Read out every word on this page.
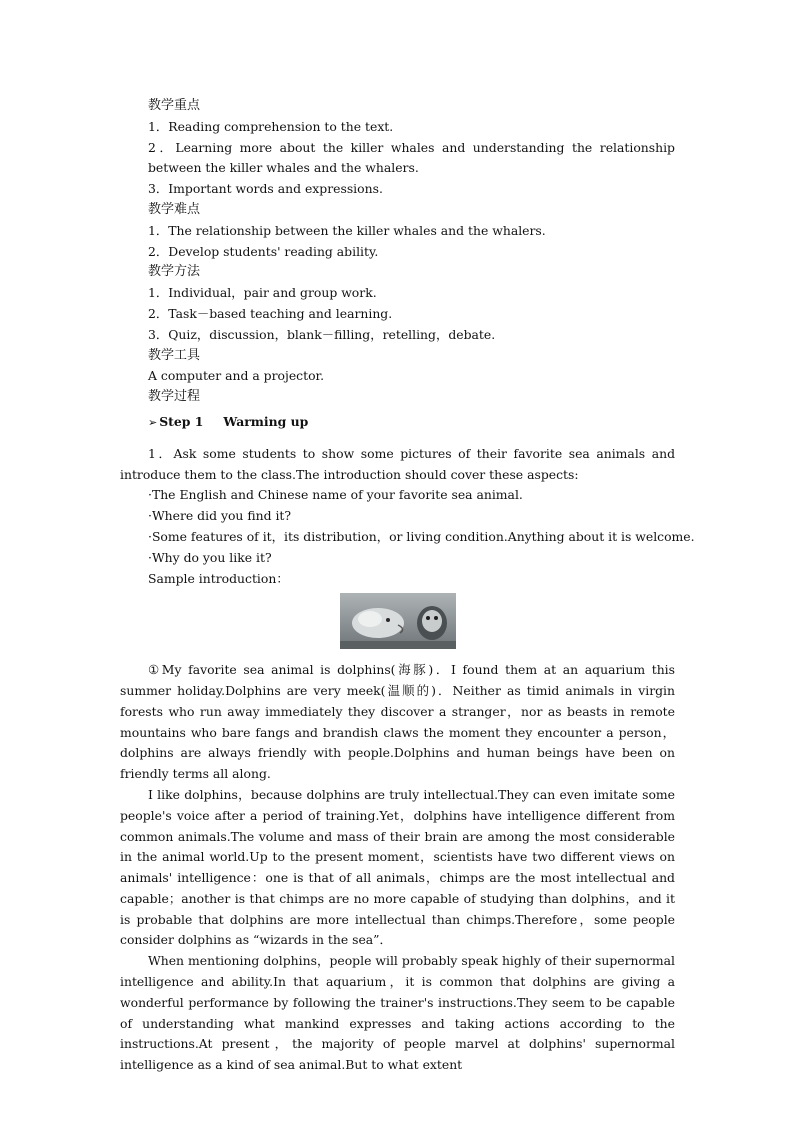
教学重点
1．Reading comprehension to the text.

2．Learning more about the killer whales and understanding the relationship between the killer whales and the whalers.

3．Important words and expressions.
教学难点
1．The relationship between the killer whales and the whalers.
2．Develop students' reading ability.
教学方法
1．Individual，pair and group work.
2．Task－based teaching and learning.
3．Quiz，discussion，blank－filling，retelling，debate.
教学工具
A computer and a projector.
教学过程
➢ Step 1 Warming up

1．Ask some students to show some pictures of their favorite sea animals and introduce them to the class.The introduction should cover these aspects:

·The English and Chinese name of your favorite sea animal.
·Where did you find it?
·Some features of it，its distribution，or living condition.Anything about it is welcome.
·Why do you like it?
Sample introduction：

①My favorite sea animal is dolphins(海豚)．I found them at an aquarium this summer holiday.Dolphins are very meek(温顺的)．Neither as timid animals in virgin forests who run away immediately they discover a stranger，nor as beasts in remote mountains who bare fangs and brandish claws the moment they encounter a person，dolphins are always friendly with people.Dolphins and human beings have been on friendly terms all along.

I like dolphins，because dolphins are truly intellectual.They can even imitate some people's voice after a period of training.Yet，dolphins have intelligence different from common animals.The volume and mass of their brain are among the most considerable in the animal world.Up to the present moment，scientists have two different views on animals' intelligence：one is that of all animals，chimps are the most intellectual and capable；another is that chimps are no more capable of studying than dolphins，and it is probable that dolphins are more intellectual than chimps.Therefore，some people consider dolphins as “wizards in the sea”．

When mentioning dolphins，people will probably speak highly of their supernormal intelligence and ability.In that aquarium，it is common that dolphins are giving a wonderful performance by following the trainer's instructions.They seem to be capable of understanding what mankind expresses and taking actions according to the instructions.At present，the majority of people marvel at dolphins' supernormal intelligence as a kind of sea animal.But to what extent
